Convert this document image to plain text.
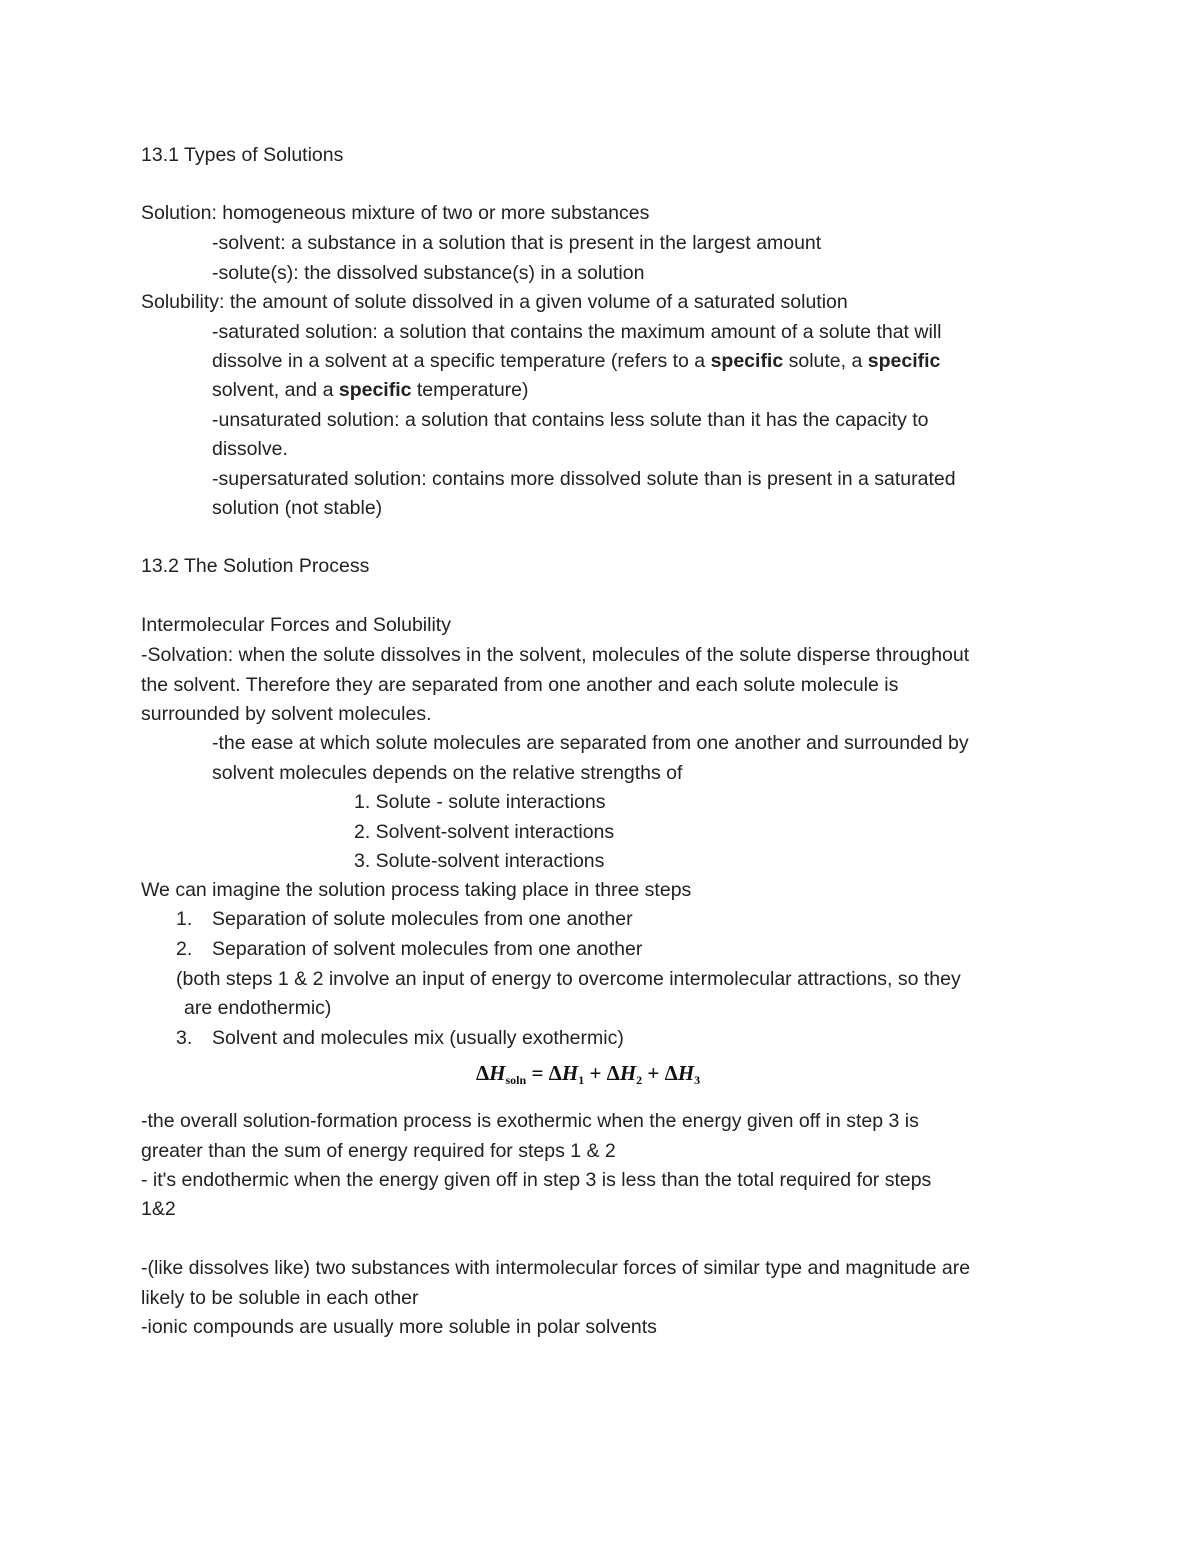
13.1 Types of Solutions
Solution: homogeneous mixture of two or more substances
-solvent: a substance in a solution that is present in the largest amount
-solute(s): the dissolved substance(s) in a solution
Solubility: the amount of solute dissolved in a given volume of a saturated solution
-saturated solution: a solution that contains the maximum amount of a solute that will
dissolve in a solvent at a specific temperature (refers to a specific solute, a specific
solvent, and a specific temperature)
-unsaturated solution: a solution that contains less solute than it has the capacity to
dissolve.
-supersaturated solution: contains more dissolved solute than is present in a saturated
solution (not stable)
13.2 The Solution Process
Intermolecular Forces and Solubility
-Solvation: when the solute dissolves in the solvent, molecules of the solute disperse throughout
the solvent. Therefore they are separated from one another and each solute molecule is
surrounded by solvent molecules.
-the ease at which solute molecules are separated from one another and surrounded by
solvent molecules depends on the relative strengths of
1. Solute - solute interactions
2. Solvent-solvent interactions
3. Solute-solvent interactions
We can imagine the solution process taking place in three steps
1. Separation of solute molecules from one another
2. Separation of solvent molecules from one another
(both steps 1 & 2 involve an input of energy to overcome intermolecular attractions, so they
are endothermic)
3. Solvent and molecules mix (usually exothermic)
$\Delta H_{soln} = \Delta H_1 + \Delta H_2 + \Delta H_3$
-the overall solution-formation process is exothermic when the energy given off in step 3 is
greater than the sum of energy required for steps 1 & 2
- it's endothermic when the energy given off in step 3 is less than the total required for steps
1&2
-(like dissolves like) two substances with intermolecular forces of similar type and magnitude are
likely to be soluble in each other
-ionic compounds are usually more soluble in polar solvents
